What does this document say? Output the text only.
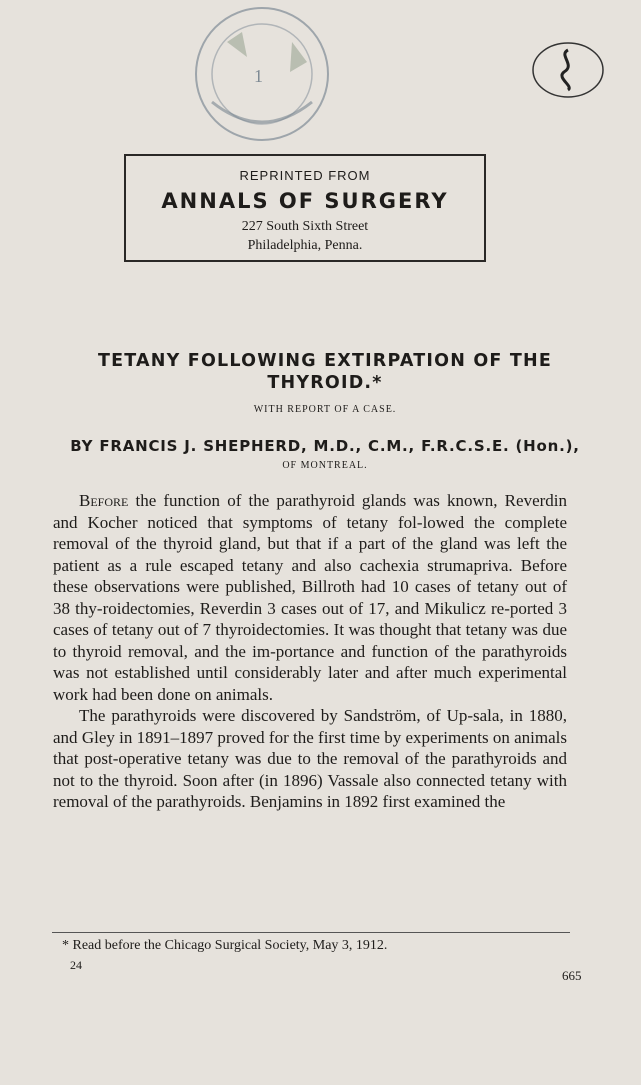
1
REPRINTED FROM
ANNALS OF SURGERY
227 South Sixth Street
Philadelphia, Penna.
TETANY FOLLOWING EXTIRPATION OF THE THYROID.*
WITH REPORT OF A CASE.
BY FRANCIS J. SHEPHERD, M.D., C.M., F.R.C.S.E. (Hon.),
OF MONTREAL.

Before the function of the parathyroid glands was known, Reverdin and Kocher noticed that symptoms of tetany fol-lowed the complete removal of the thyroid gland, but that if a part of the gland was left the patient as a rule escaped tetany and also cachexia strumapriva. Before these observations were published, Billroth had 10 cases of tetany out of 38 thy-roidectomies, Reverdin 3 cases out of 17, and Mikulicz re-ported 3 cases of tetany out of 7 thyroidectomies. It was thought that tetany was due to thyroid removal, and the im-portance and function of the parathyroids was not established until considerably later and after much experimental work had been done on animals.

The parathyroids were discovered by Sandström, of Up-sala, in 1880, and Gley in 1891–1897 proved for the first time by experiments on animals that post-operative tetany was due to the removal of the parathyroids and not to the thyroid. Soon after (in 1896) Vassale also connected tetany with removal of the parathyroids. Benjamins in 1892 first examined the

* Read before the Chicago Surgical Society, May 3, 1912.
24
665
